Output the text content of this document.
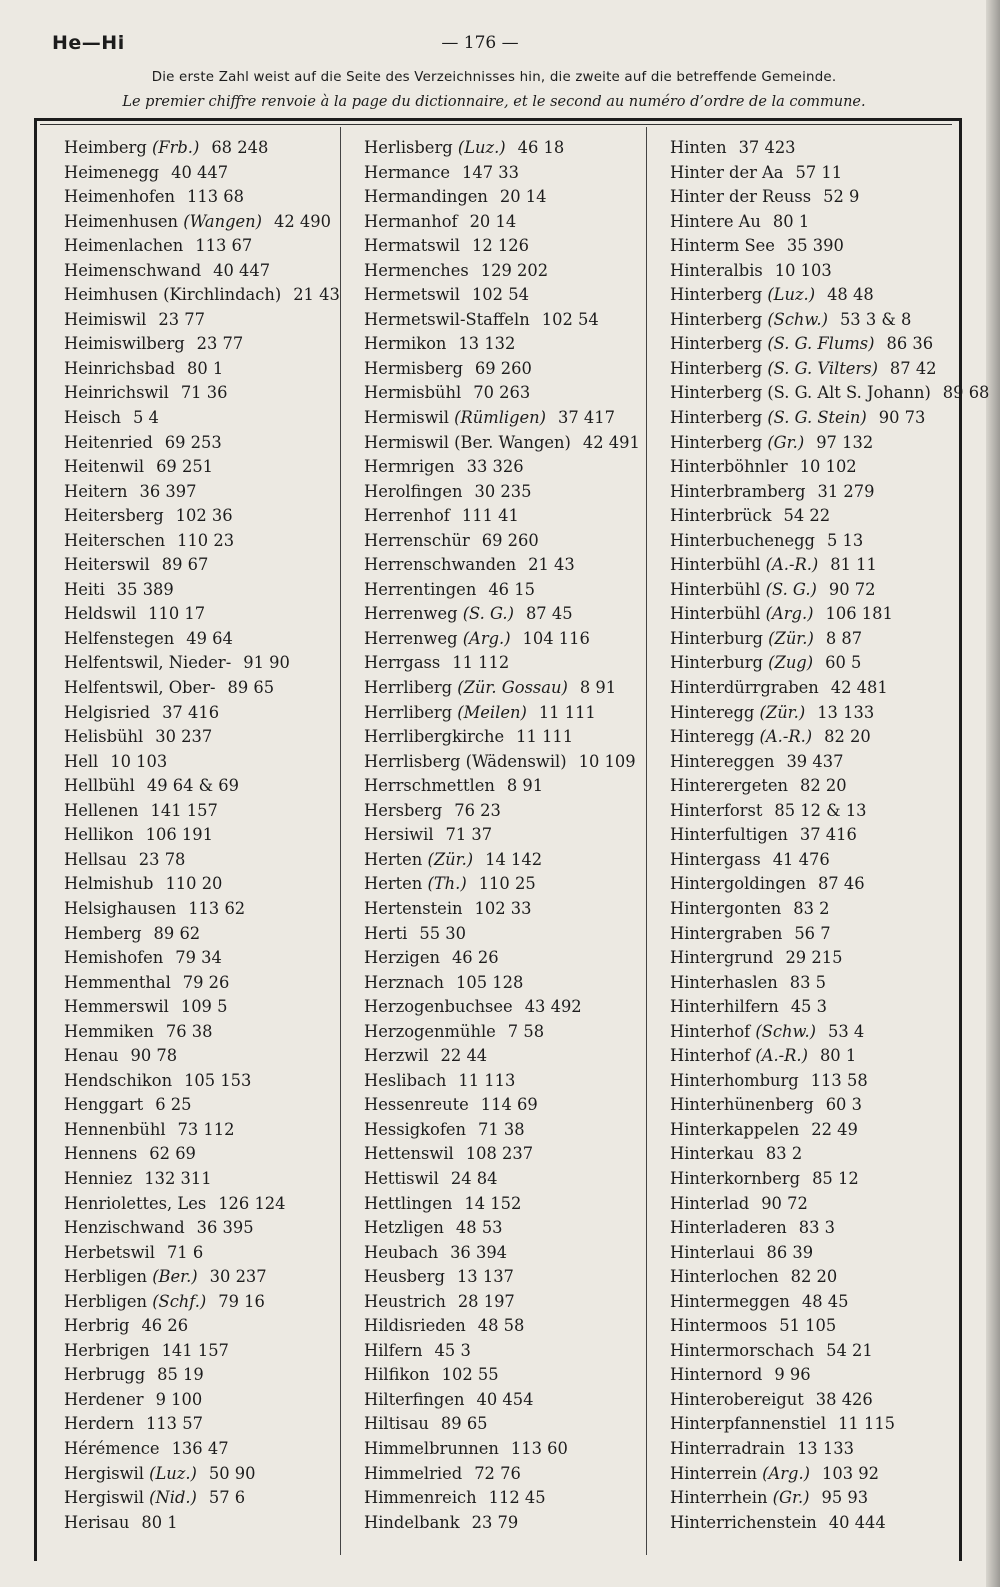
He—Hi	— 176 —
Die erste Zahl weist auf die Seite des Verzeichnisses hin, die zweite auf die betreffende Gemeinde.
Le premier chiffre renvoie à la page du dictionnaire, et le second au numéro d’ordre de la commune.
Heimberg (Frb.) 68 248
Heimenegg 40 447
Heimenhofen 113 68
Heimenhusen (Wangen) 42 490
Heimenlachen 113 67
Heimenschwand 40 447
Heimhusen (Kirchlindach) 21 43
Heimiswil 23 77
Heimiswilberg 23 77
Heinrichsbad 80 1
Heinrichswil 71 36
Heisch 5 4
Heitenried 69 253
Heitenwil 69 251
Heitern 36 397
Heitersberg 102 36
Heiterschen 110 23
Heiterswil 89 67
Heiti 35 389
Heldswil 110 17
Helfenstegen 49 64
Helfentswil, Nieder- 91 90
Helfentswil, Ober- 89 65
Helgisried 37 416
Helisbühl 30 237
Hell 10 103
Hellbühl 49 64 & 69
Hellenen 141 157
Hellikon 106 191
Hellsau 23 78
Helmishub 110 20
Helsighausen 113 62
Hemberg 89 62
Hemishofen 79 34
Hemmenthal 79 26
Hemmerswil 109 5
Hemmiken 76 38
Henau 90 78
Hendschikon 105 153
Henggart 6 25
Hennenbühl 73 112
Hennens 62 69
Henniez 132 311
Henriolettes, Les 126 124
Henzischwand 36 395
Herbetswil 71 6
Herbligen (Ber.) 30 237
Herbligen (Schf.) 79 16
Herbrig 46 26
Herbrigen 141 157
Herbrugg 85 19
Herdener 9 100
Herdern 113 57
Hérémence 136 47
Hergiswil (Luz.) 50 90
Hergiswil (Nid.) 57 6
Herisau 80 1
Herlisberg (Luz.) 46 18
Hermance 147 33
Hermandingen 20 14
Hermanhof 20 14
Hermatswil 12 126
Hermenches 129 202
Hermetswil 102 54
Hermetswil-Staffeln 102 54
Hermikon 13 132
Hermisberg 69 260
Hermisbühl 70 263
Hermiswil (Rümligen) 37 417
Hermiswil (Ber. Wangen) 42 491
Hermrigen 33 326
Herolfingen 30 235
Herrenhof 111 41
Herrenschür 69 260
Herrenschwanden 21 43
Herrentingen 46 15
Herrenweg (S. G.) 87 45
Herrenweg (Arg.) 104 116
Herrgass 11 112
Herrliberg (Zür. Gossau) 8 91
Herrliberg (Meilen) 11 111
Herrlibergkirche 11 111
Herrlisberg (Wädenswil) 10 109
Herrschmettlen 8 91
Hersberg 76 23
Hersiwil 71 37
Herten (Zür.) 14 142
Herten (Th.) 110 25
Hertenstein 102 33
Herti 55 30
Herzigen 46 26
Herznach 105 128
Herzogenbuchsee 43 492
Herzogenmühle 7 58
Herzwil 22 44
Heslibach 11 113
Hessenreute 114 69
Hessigkofen 71 38
Hettenswil 108 237
Hettiswil 24 84
Hettlingen 14 152
Hetzligen 48 53
Heubach 36 394
Heusberg 13 137
Heustrich 28 197
Hildisrieden 48 58
Hilfern 45 3
Hilfikon 102 55
Hilterfingen 40 454
Hiltisau 89 65
Himmelbrunnen 113 60
Himmelried 72 76
Himmenreich 112 45
Hindelbank 23 79
Hinten 37 423
Hinter der Aa 57 11
Hinter der Reuss 52 9
Hintere Au 80 1
Hinterm See 35 390
Hinteralbis 10 103
Hinterberg (Luz.) 48 48
Hinterberg (Schw.) 53 3 & 8
Hinterberg (S. G. Flums) 86 36
Hinterberg (S. G. Vilters) 87 42
Hinterberg (S. G. Alt S. Johann) 89 68
Hinterberg (S. G. Stein) 90 73
Hinterberg (Gr.) 97 132
Hinterböhnler 10 102
Hinterbramberg 31 279
Hinterbrück 54 22
Hinterbuchenegg 5 13
Hinterbühl (A.-R.) 81 11
Hinterbühl (S. G.) 90 72
Hinterbühl (Arg.) 106 181
Hinterburg (Zür.) 8 87
Hinterburg (Zug) 60 5
Hinterdürrgraben 42 481
Hinteregg (Zür.) 13 133
Hinteregg (A.-R.) 82 20
Hintereggen 39 437
Hinterergeten 82 20
Hinterforst 85 12 & 13
Hinterfultigen 37 416
Hintergass 41 476
Hintergoldingen 87 46
Hintergonten 83 2
Hintergraben 56 7
Hintergrund 29 215
Hinterhaslen 83 5
Hinterhilfern 45 3
Hinterhof (Schw.) 53 4
Hinterhof (A.-R.) 80 1
Hinterhomburg 113 58
Hinterhünenberg 60 3
Hinterkappelen 22 49
Hinterkau 83 2
Hinterkornberg 85 12
Hinterlad 90 72
Hinterladeren 83 3
Hinterlaui 86 39
Hinterlochen 82 20
Hintermeggen 48 45
Hintermoos 51 105
Hintermorschach 54 21
Hinternord 9 96
Hinterobereigut 38 426
Hinterpfannenstiel 11 115
Hinterradrain 13 133
Hinterrein (Arg.) 103 92
Hinterrhein (Gr.) 95 93
Hinterrichenstein 40 444
